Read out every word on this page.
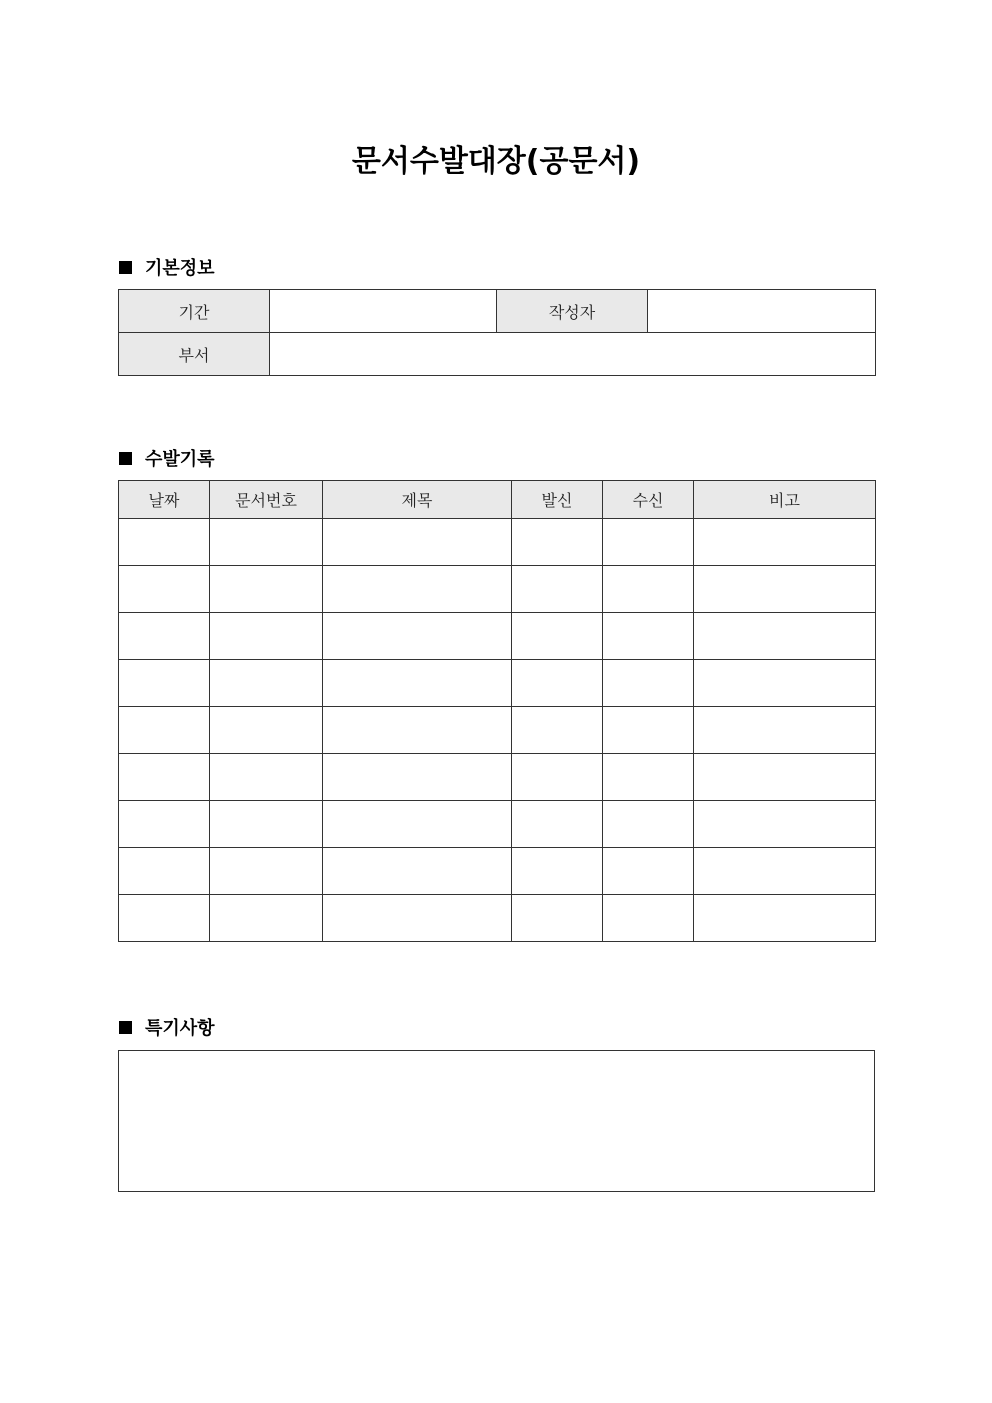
문서수발대장(공문서)
기본정보
기간		작성자	
부서			
수발기록
날짜	문서번호	제목	발신	수신	비고

특기사항
